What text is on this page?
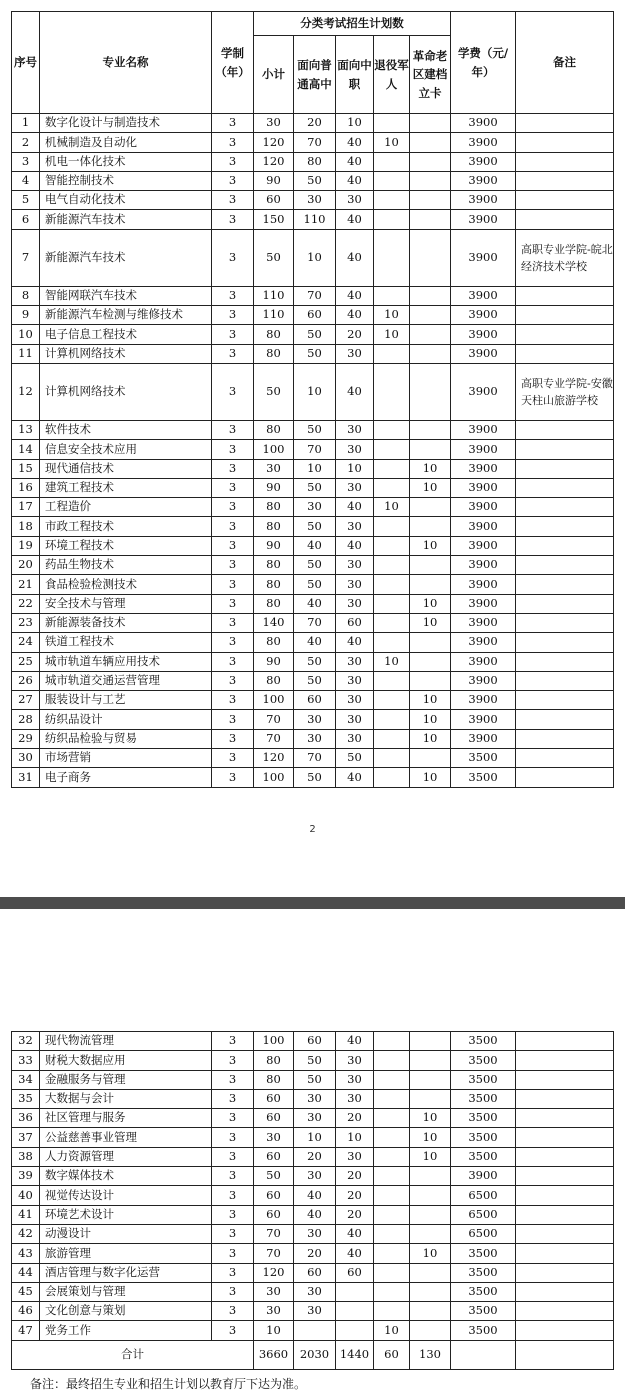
序号	专业名称	学制（年）	分类考试招生计划数					学费（元/年）	备注
			小计	面向普通高中	面向中职	退役军人	革命老区建档立卡		
1	数字化设计与制造技术	3	30	20	10			3900	
2	机械制造及自动化	3	120	70	40	10		3900	
3	机电一体化技术	3	120	80	40			3900	
4	智能控制技术	3	90	50	40			3900	
5	电气自动化技术	3	60	30	30			3900	
6	新能源汽车技术	3	150	110	40			3900	
7	新能源汽车技术	3	50	10	40			3900	高职专业学院-皖北经济技术学校
8	智能网联汽车技术	3	110	70	40			3900	
9	新能源汽车检测与维修技术	3	110	60	40	10		3900	
10	电子信息工程技术	3	80	50	20	10		3900	
11	计算机网络技术	3	80	50	30			3900	
12	计算机网络技术	3	50	10	40			3900	高职专业学院-安徽天柱山旅游学校
13	软件技术	3	80	50	30			3900	
14	信息安全技术应用	3	100	70	30			3900	
15	现代通信技术	3	30	10	10		10	3900	
16	建筑工程技术	3	90	50	30		10	3900	
17	工程造价	3	80	30	40	10		3900	
18	市政工程技术	3	80	50	30			3900	
19	环境工程技术	3	90	40	40		10	3900	
20	药品生物技术	3	80	50	30			3900	
21	食品检验检测技术	3	80	50	30			3900	
22	安全技术与管理	3	80	40	30		10	3900	
23	新能源装备技术	3	140	70	60		10	3900	
24	铁道工程技术	3	80	40	40			3900	
25	城市轨道车辆应用技术	3	90	50	30	10		3900	
26	城市轨道交通运营管理	3	80	50	30			3900	
27	服装设计与工艺	3	100	60	30		10	3900	
28	纺织品设计	3	70	30	30		10	3900	
29	纺织品检验与贸易	3	70	30	30		10	3900	
30	市场营销	3	120	70	50			3500	
31	电子商务	3	100	50	40		10	3500	
2
32	现代物流管理	3	100	60	40			3500	
33	财税大数据应用	3	80	50	30			3500	
34	金融服务与管理	3	80	50	30			3500	
35	大数据与会计	3	60	30	30			3500	
36	社区管理与服务	3	60	30	20		10	3500	
37	公益慈善事业管理	3	30	10	10		10	3500	
38	人力资源管理	3	60	20	30		10	3500	
39	数字媒体技术	3	50	30	20			3900	
40	视觉传达设计	3	60	40	20			6500	
41	环境艺术设计	3	60	40	20			6500	
42	动漫设计	3	70	30	40			6500	
43	旅游管理	3	70	20	40		10	3500	
44	酒店管理与数字化运营	3	120	60	60			3500	
45	会展策划与管理	3	30	30				3500	
46	文化创意与策划	3	30	30				3500	
47	党务工作	3	10			10		3500	
合计			3660	2030	1440	60	130		
备注：最终招生专业和招生计划以教育厅下达为准。
